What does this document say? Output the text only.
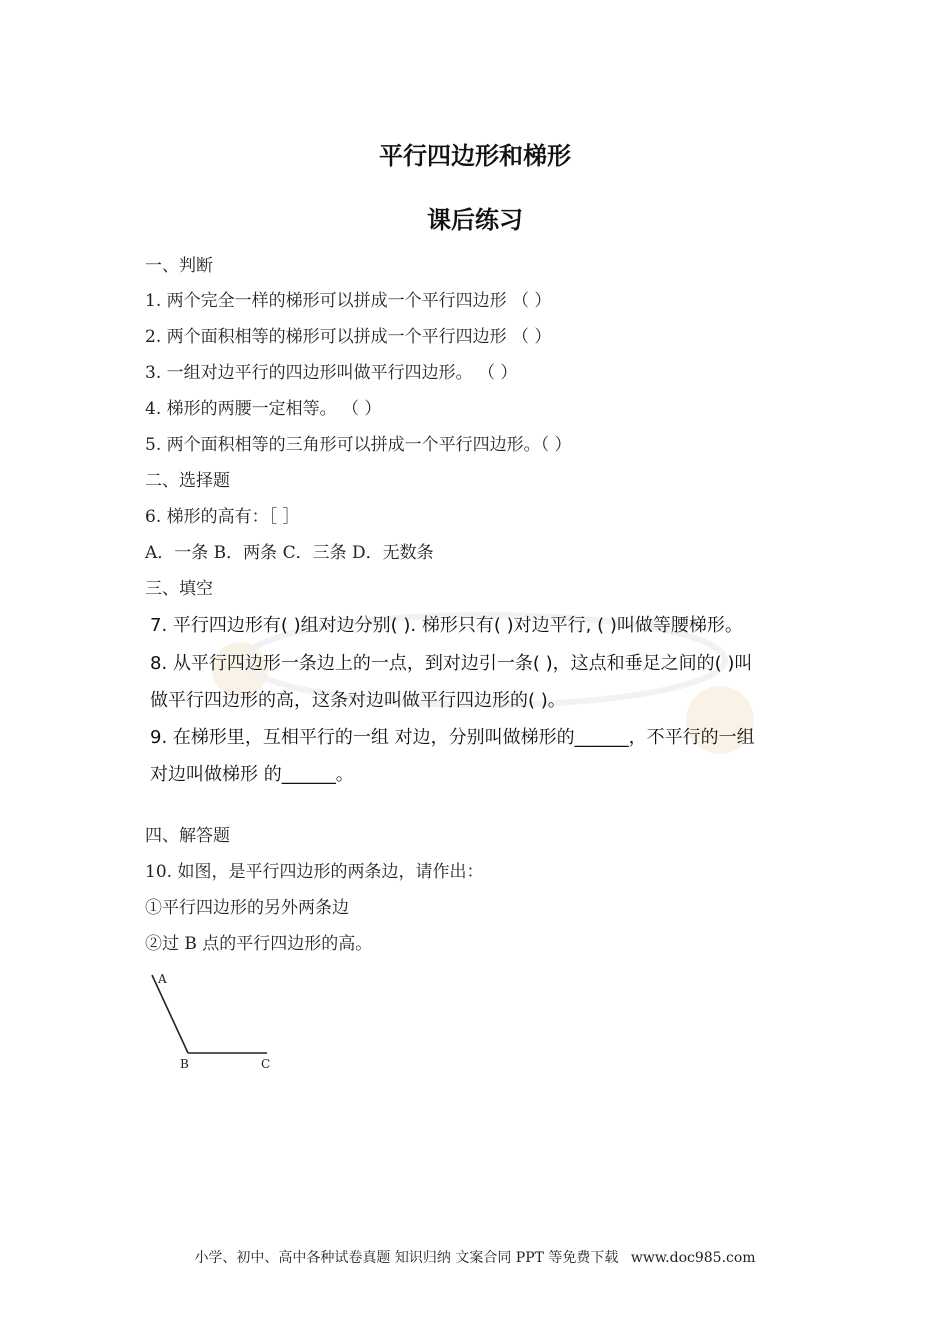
平行四边形和梯形
课后练习
一、判断
1. 两个完全一样的梯形可以拼成一个平行四边形 （ ）
2. 两个面积相等的梯形可以拼成一个平行四边形 （ ）
3. 一组对边平行的四边形叫做平行四边形。 （ ）
4. 梯形的两腰一定相等。 （ ）
5. 两个面积相等的三角形可以拼成一个平行四边形。（ ）
二、选择题
6. 梯形的高有：［ ］
A．一条 B．两条 C．三条 D．无数条
三、填空
7. 平行四边形有( )组对边分别( ). 梯形只有( )对边平行, ( )叫做等腰梯形。
8. 从平行四边形一条边上的一点，到对边引一条( )，这点和垂足之间的( )叫
做平行四边形的高，这条对边叫做平行四边形的( )。
9. 在梯形里，互相平行的一组 对边，分别叫做梯形的______，不平行的一组
对边叫做梯形 的______。
四、解答题
10. 如图，是平行四边形的两条边，请作出：
①平行四边形的另外两条边
②过 B 点的平行四边形的高。
A
B	C
小学、初中、高中各种试卷真题 知识归纳 文案合同 PPT 等免费下载 www.doc985.com
